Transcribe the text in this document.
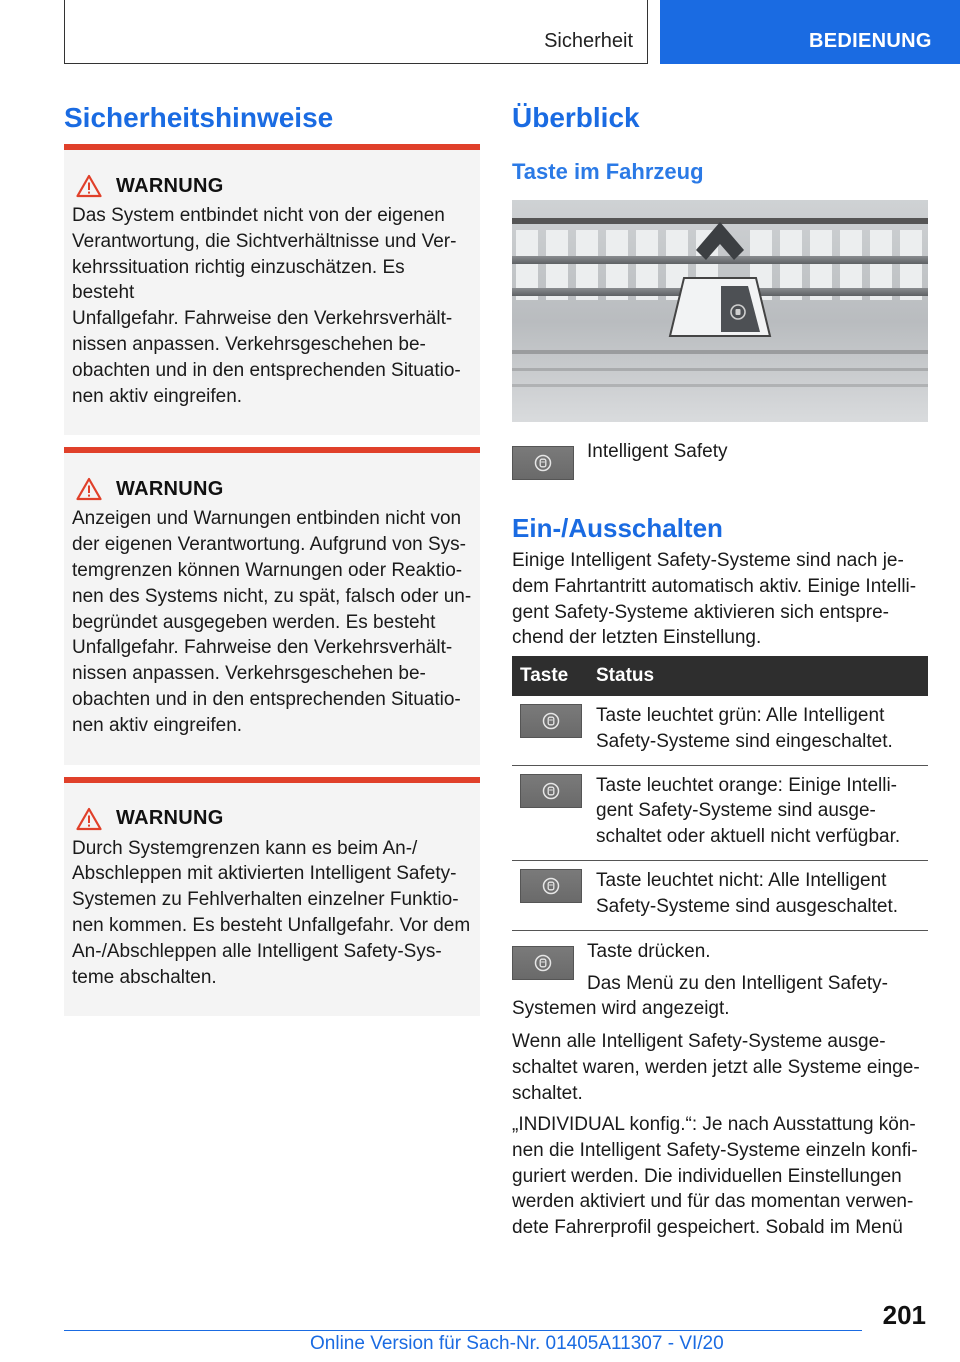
Sicherheit	BEDIENUNG
Sicherheitshinweise
WARNUNG
Das System entbindet nicht von der eigenen
Verantwortung, die Sichtverhältnisse und Ver-
kehrssituation richtig einzuschätzen. Es besteht
Unfallgefahr. Fahrweise den Verkehrsverhält-
nissen anpassen. Verkehrsgeschehen be-
obachten und in den entsprechenden Situatio-
nen aktiv eingreifen.
WARNUNG
Anzeigen und Warnungen entbinden nicht von
der eigenen Verantwortung. Aufgrund von Sys-
temgrenzen können Warnungen oder Reaktio-
nen des Systems nicht, zu spät, falsch oder un-
begründet ausgegeben werden. Es besteht
Unfallgefahr. Fahrweise den Verkehrsverhält-
nissen anpassen. Verkehrsgeschehen be-
obachten und in den entsprechenden Situatio-
nen aktiv eingreifen.
WARNUNG
Durch Systemgrenzen kann es beim An-/
Abschleppen mit aktivierten Intelligent Safety-
Systemen zu Fehlverhalten einzelner Funktio-
nen kommen. Es besteht Unfallgefahr. Vor dem
An-/Abschleppen alle Intelligent Safety-Sys-
teme abschalten.
Überblick
Taste im Fahrzeug
Intelligent Safety
Ein-/Ausschalten
Einige Intelligent Safety-Systeme sind nach je-
dem Fahrtantritt automatisch aktiv. Einige Intelli-
gent Safety-Systeme aktivieren sich entspre-
chend der letzten Einstellung.
Taste	Status

Taste leuchtet grün: Alle Intelligent
Safety-Systeme sind eingeschaltet.

Taste leuchtet orange: Einige Intelli-
gent Safety-Systeme sind ausge-
schaltet oder aktuell nicht verfügbar.

Taste leuchtet nicht: Alle Intelligent
Safety-Systeme sind ausgeschaltet.
Taste drücken.
Das Menü zu den Intelligent Safety-
Systemen wird angezeigt.
Wenn alle Intelligent Safety-Systeme ausge-
schaltet waren, werden jetzt alle Systeme einge-
schaltet.
„INDIVIDUAL konfig.“: Je nach Ausstattung kön-
nen die Intelligent Safety-Systeme einzeln konfi-
guriert werden. Die individuellen Einstellungen
werden aktiviert und für das momentan verwen-
dete Fahrerprofil gespeichert. Sobald im Menü
201
Online Version für Sach-Nr. 01405A11307 - VI/20
